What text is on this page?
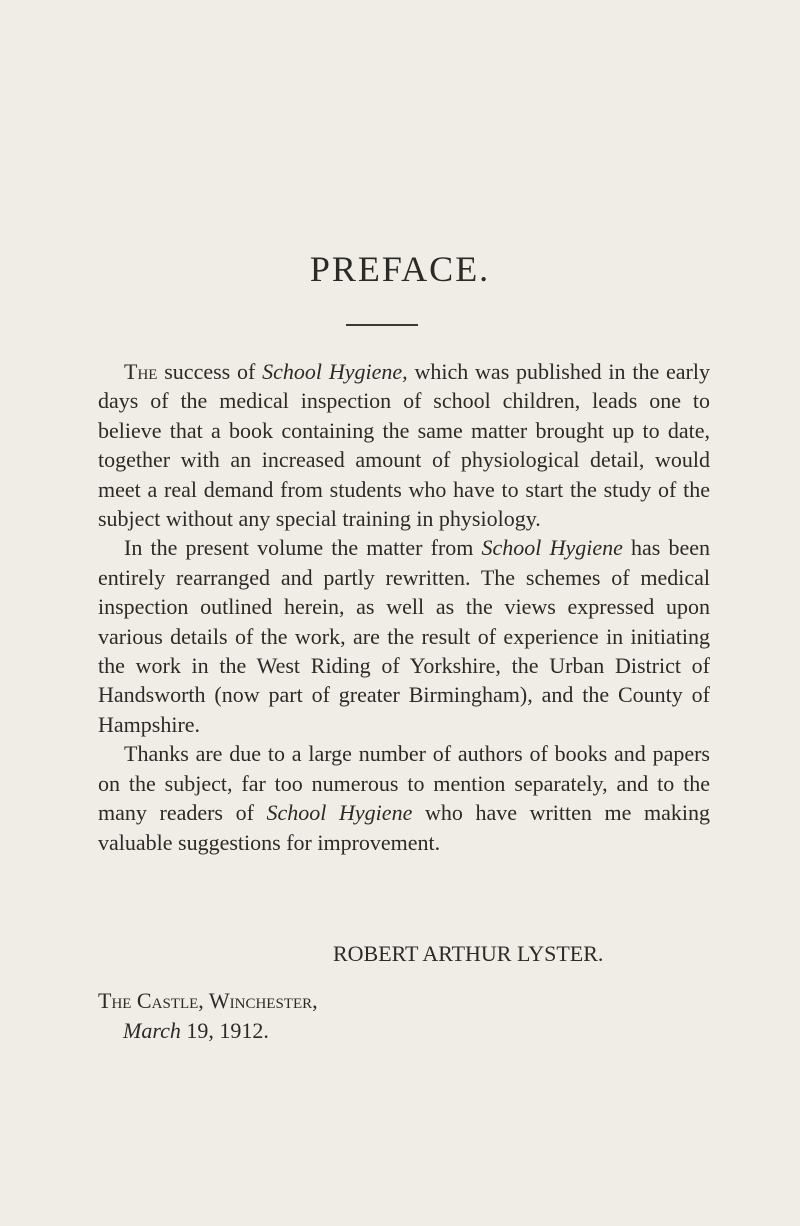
PREFACE.

The success of School Hygiene, which was published in the early days of the medical inspection of school children, leads one to believe that a book containing the same matter brought up to date, together with an increased amount of physiological detail, would meet a real demand from students who have to start the study of the subject without any special training in physiology.

In the present volume the matter from School Hygiene has been entirely rearranged and partly rewritten. The schemes of medical inspection outlined herein, as well as the views expressed upon various details of the work, are the result of experience in initiating the work in the West Riding of Yorkshire, the Urban District of Handsworth (now part of greater Birmingham), and the County of Hampshire.

Thanks are due to a large number of authors of books and papers on the subject, far too numerous to mention separately, and to the many readers of School Hygiene who have written me making valuable suggestions for improvement.

ROBERT ARTHUR LYSTER.
The Castle, Winchester,
March 19, 1912.
